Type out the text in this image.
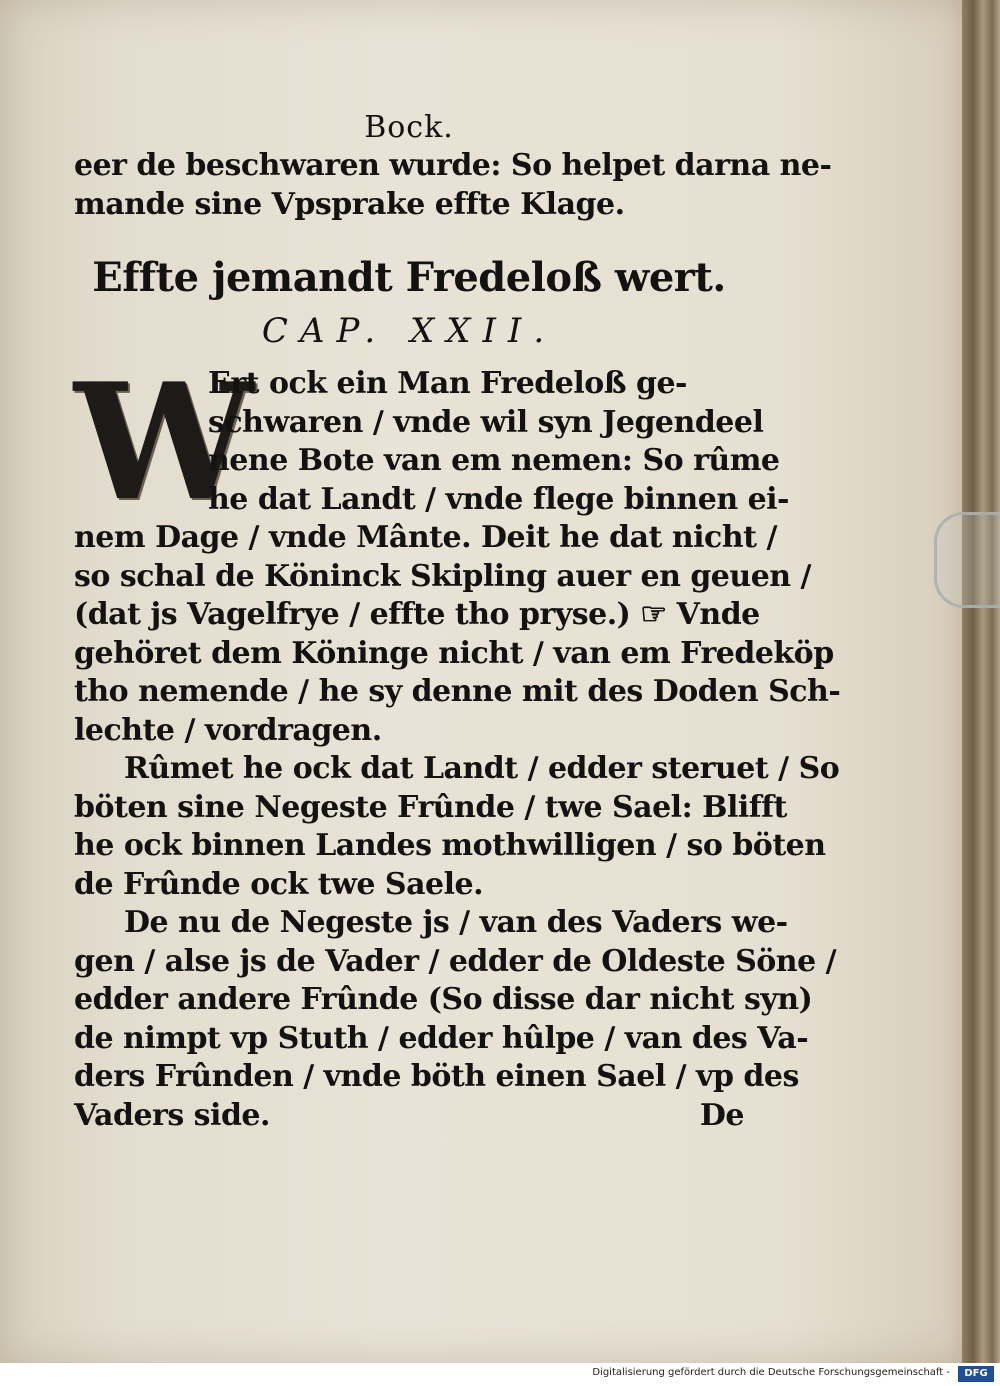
Bock.
eer de beschwaren wurde: So helpet darna ne-
mande sine Vpsprake effte Klage.
Effte jemandt Fredeloß wert.
CAP. XXII.
W
Ert ock ein Man Fredeloß ge-
schwaren / vnde wil syn Jegendeel
nene Bote van em nemen: So rûme
he dat Landt / vnde flege binnen ei-
nem Dage / vnde Mânte. Deit he dat nicht /
so schal de Köninck Skipling auer en geuen /
(dat js Vagelfrye / effte tho pryse.) ☞ Vnde
gehöret dem Köninge nicht / van em Fredeköp
tho nemende / he sy denne mit des Doden Sch-
lechte / vordragen.
Rûmet he ock dat Landt / edder steruet / So
böten sine Negeste Frûnde / twe Sael: Blifft
he ock binnen Landes mothwilligen / so böten
de Frûnde ock twe Saele.
De nu de Negeste js / van des Vaders we-
gen / alse js de Vader / edder de Oldeste Söne /
edder andere Frûnde (So disse dar nicht syn)
de nimpt vp Stuth / edder hûlpe / van des Va-
ders Frûnden / vnde böth einen Sael / vp des
Vaders side.	De
Digitalisierung gefördert durch die Deutsche Forschungsgemeinschaft -	DFG
